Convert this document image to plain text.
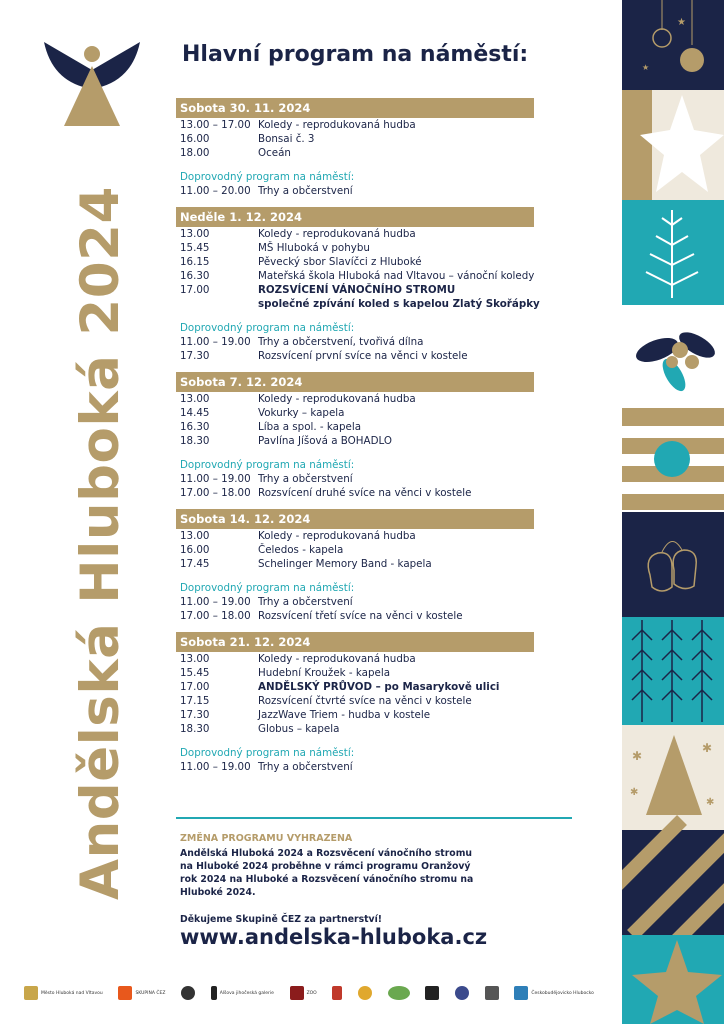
Andělská Hluboká 2024
Hlavní program na náměstí:
Sobota 30. 11. 2024
13.00 – 17.00 Koledy - reprodukovaná hudba
16.00	Bonsai č. 3
18.00	Oceán
Doprovodný program na náměstí:
11.00 – 20.00 Trhy a občerstvení
Neděle 1. 12. 2024
13.00	Koledy - reprodukovaná hudba
15.45	MŠ Hluboká v pohybu
16.15	Pěvecký sbor Slavíčci z Hluboké
16.30	Mateřská škola Hluboká nad Vltavou – vánoční koledy
17.00	ROZSVÍCENÍ VÁNOČNÍHO STROMU
společné zpívání koled s kapelou Zlatý Skořápky
Doprovodný program na náměstí:
11.00 – 19.00 Trhy a občerstvení, tvořivá dílna
17.30	Rozsvícení první svíce na věnci v kostele
Sobota 7. 12. 2024
13.00	Koledy - reprodukovaná hudba
14.45	Vokurky – kapela
16.30	Líba a spol. - kapela
18.30	Pavlína Jíšová a BOHADLO
Doprovodný program na náměstí:
11.00 – 19.00 Trhy a občerstvení
17.00 – 18.00 Rozsvícení druhé svíce na věnci v kostele
Sobota 14. 12. 2024
13.00	Koledy - reprodukovaná hudba
16.00	Čeledos - kapela
17.45	Schelinger Memory Band - kapela
Doprovodný program na náměstí:
11.00 – 19.00 Trhy a občerstvení
17.00 – 18.00 Rozsvícení třetí svíce na věnci v kostele
Sobota 21. 12. 2024
13.00	Koledy - reprodukovaná hudba
15.45	Hudební Kroužek - kapela
17.00	ANDĚLSKÝ PRŮVOD – po Masarykově ulici
17.15	Rozsvícení čtvrté svíce na věnci v kostele
17.30	JazzWave Triem - hudba v kostele
18.30	Globus – kapela
Doprovodný program na náměstí:
11.00 – 19.00 Trhy a občerstvení
ZMĚNA PROGRAMU VYHRAZENA
Andělská Hluboká 2024 a Rozsvěcení vánočního stromu na Hluboké 2024 proběhne v rámci programu Oranžový rok 2024 na Hluboké a Rozsvěcení vánočního stromu na Hluboké 2024.
Děkujeme Skupině ČEZ za partnerství!
www.andelska-hluboka.cz
★
★
✱
✱
✱
✱
Město Hluboká nad Vltavou	SKUPINA ČEZ	Alšova jihočeská galerie	ZOO	Českobudějovicko Hlubocko
